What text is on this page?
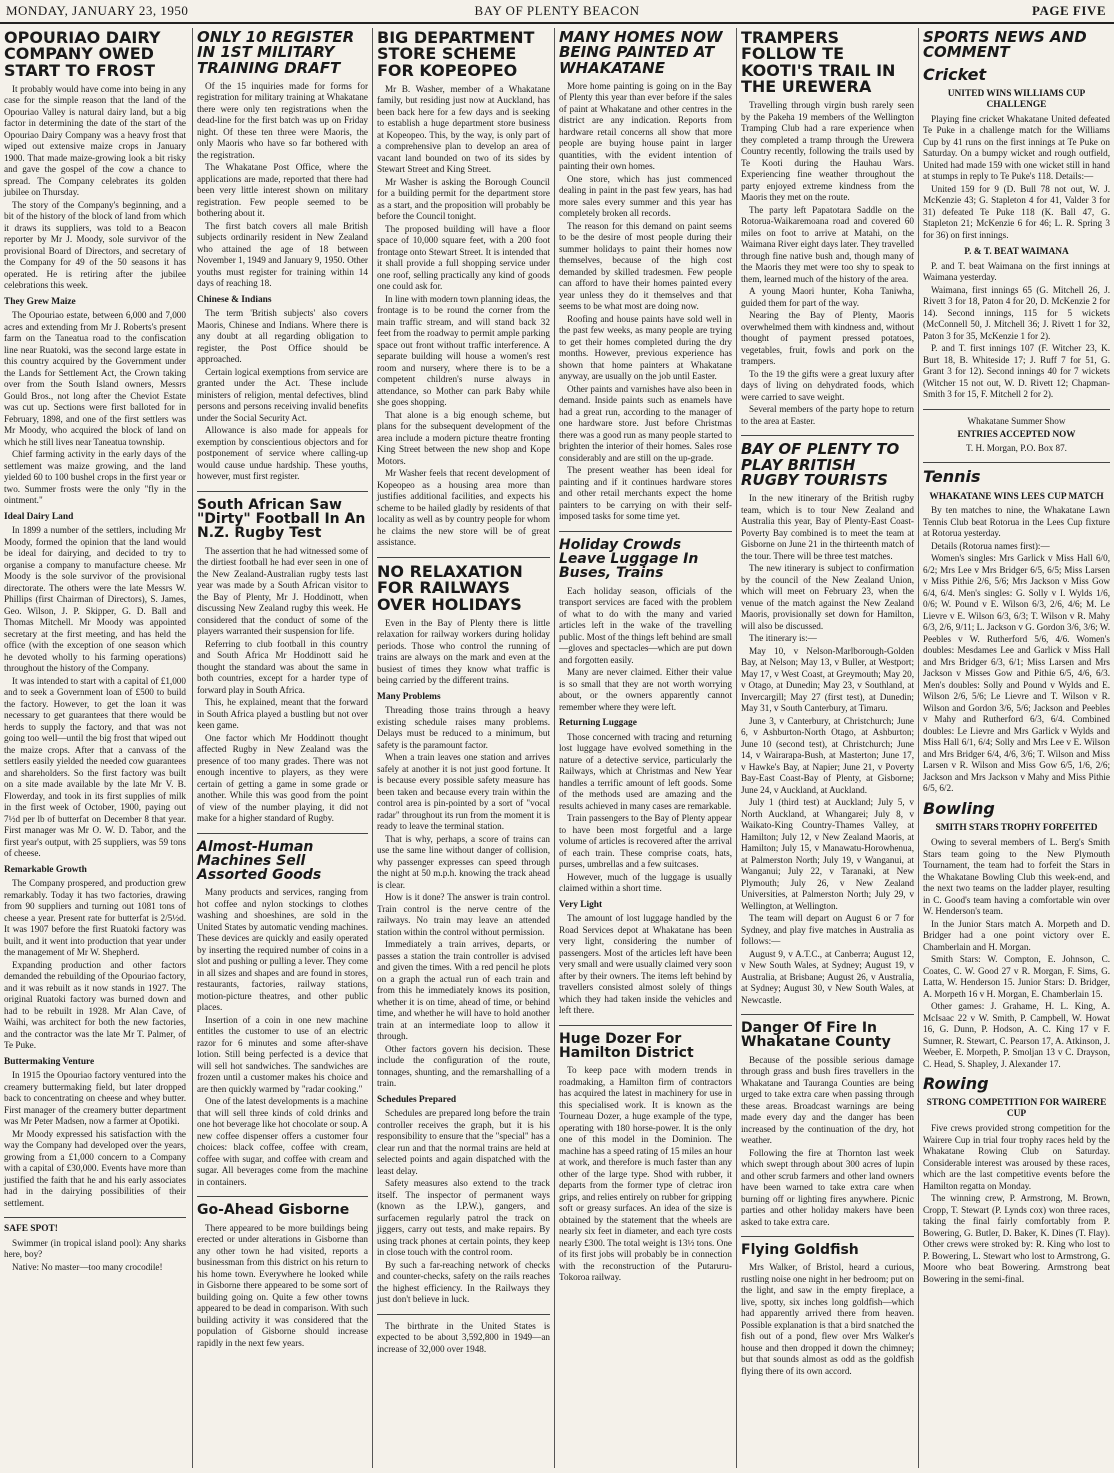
MONDAY, JANUARY 23, 1950	BAY OF PLENTY BEACON	PAGE FIVE
OPOURIAO DAIRY COMPANY OWED START TO FROST

It probably would have come into being in any case for the simple reason that the land of the Opouriao Valley is natural dairy land, but a big factor in determining the date of the start of the Opouriao Dairy Company was a heavy frost that wiped out extensive maize crops in January 1900. That made maize-growing look a bit risky and gave the gospel of the cow a chance to spread. The Company celebrates its golden jubilee on Thursday.

The story of the Company's beginning, and a bit of the history of the block of land from which it draws its suppliers, was told to a Beacon reporter by Mr J. Moody, sole survivor of the provisional Board of Directors, and secretary of the Company for 49 of the 50 seasons it has operated. He is retiring after the jubilee celebrations this week.

They Grew Maize

The Opouriao estate, between 6,000 and 7,000 acres and extending from Mr J. Roberts's present farm on the Taneatua road to the confiscation line near Ruatoki, was the second large estate in this country acquired by the Government under the Lands for Settlement Act, the Crown taking over from the South Island owners, Messrs Gould Bros., not long after the Cheviot Estate was cut up. Sections were first balloted for in February, 1898, and one of the first settlers was Mr Moody, who acquired the block of land on which he still lives near Taneatua township.

Chief farming activity in the early days of the settlement was maize growing, and the land yielded 60 to 100 bushel crops in the first year or two. Summer frosts were the only "fly in the ointment."

Ideal Dairy Land

In 1899 a number of the settlers, including Mr Moody, formed the opinion that the land would be ideal for dairying, and decided to try to organise a company to manufacture cheese. Mr Moody is the sole survivor of the provisional directorate. The others were the late Messrs W. Phillips (first Chairman of Directors), S. James, Geo. Wilson, J. P. Skipper, G. D. Ball and Thomas Mitchell. Mr Moody was appointed secretary at the first meeting, and has held the office (with the exception of one season which he devoted wholly to his farming operations) throughout the history of the Company.

It was intended to start with a capital of £1,000 and to seek a Government loan of £500 to build the factory. However, to get the loan it was necessary to get guarantees that there would be herds to supply the factory, and that was not going too well—until the big frost that wiped out the maize crops. After that a canvass of the settlers easily yielded the needed cow guarantees and shareholders. So the first factory was built on a site made available by the late Mr V. B. Flowerday, and took in its first supplies of milk in the first week of October, 1900, paying out 7½d per lb of butterfat on December 8 that year. First manager was Mr O. W. D. Tabor, and the first year's output, with 25 suppliers, was 59 tons of cheese.

Remarkable Growth

The Company prospered, and production grew remarkably. Today it has two factories, drawing from 90 suppliers and turning out 1081 tons of cheese a year. Present rate for butterfat is 2/5½d. It was 1907 before the first Ruatoki factory was built, and it went into production that year under the management of Mr W. Shepherd.

Expanding production and other factors demanded the rebuilding of the Opouriao factory, and it was rebuilt as it now stands in 1927. The original Ruatoki factory was burned down and had to be rebuilt in 1928. Mr Alan Cave, of Waihi, was architect for both the new factories, and the contractor was the late Mr T. Palmer, of Te Puke.

Buttermaking Venture

In 1915 the Opouriao factory ventured into the creamery buttermaking field, but later dropped back to concentrating on cheese and whey butter. First manager of the creamery butter department was Mr Peter Madsen, now a farmer at Opotiki.

Mr Moody expressed his satisfaction with the way the Company had developed over the years, growing from a £1,000 concern to a Company with a capital of £30,000. Events have more than justified the faith that he and his early associates had in the dairying possibilities of their settlement.

SAFE SPOT!

Swimmer (in tropical island pool): Any sharks here, boy?

Native: No master—too many crocodile!

ONLY 10 REGISTER IN 1ST MILITARY TRAINING DRAFT

Of the 15 inquiries made for forms for registration for military training at Whakatane there were only ten registrations when the dead-line for the first batch was up on Friday night. Of these ten three were Maoris, the only Maoris who have so far bothered with the registration.

The Whakatane Post Office, where the applications are made, reported that there had been very little interest shown on military registration. Few people seemed to be bothering about it.

The first batch covers all male British subjects ordinarily resident in New Zealand who attained the age of 18 between November 1, 1949 and January 9, 1950. Other youths must register for training within 14 days of reaching 18.

Chinese & Indians

The term 'British subjects' also covers Maoris, Chinese and Indians. Where there is any doubt at all regarding obligation to register, the Post Office should be approached.

Certain logical exemptions from service are granted under the Act. These include ministers of religion, mental defectives, blind persons and persons receiving invalid benefits under the Social Security Act.

Allowance is also made for appeals for exemption by conscientious objectors and for postponement of service where calling-up would cause undue hardship. These youths, however, must first register.

South African Saw "Dirty" Football In An N.Z. Rugby Test

The assertion that he had witnessed some of the dirtiest football he had ever seen in one of the New Zealand-Australian rugby tests last year was made by a South African visitor to the Bay of Plenty, Mr J. Hoddinott, when discussing New Zealand rugby this week. He considered that the conduct of some of the players warranted their suspension for life.

Referring to club football in this country and South Africa Mr Hoddinott said he thought the standard was about the same in both countries, except for a harder type of forward play in South Africa.

This, he explained, meant that the forward in South Africa played a bustling but not over keen game.

One factor which Mr Hoddinott thought affected Rugby in New Zealand was the presence of too many grades. There was not enough incentive to players, as they were certain of getting a game in some grade or another. While this was good from the point of view of the number playing, it did not make for a higher standard of Rugby.

Almost-Human Machines Sell Assorted Goods

Many products and services, ranging from hot coffee and nylon stockings to clothes washing and shoeshines, are sold in the United States by automatic vending machines. These devices are quickly and easily operated by inserting the required number of coins in a slot and pushing or pulling a lever. They come in all sizes and shapes and are found in stores, restaurants, factories, railway stations, motion-picture theatres, and other public places.

Insertion of a coin in one new machine entitles the customer to use of an electric razor for 6 minutes and some after-shave lotion. Still being perfected is a device that will sell hot sandwiches. The sandwiches are frozen until a customer makes his choice and are then quickly warmed by "radar cooking."

One of the latest developments is a machine that will sell three kinds of cold drinks and one hot beverage like hot chocolate or soup. A new coffee dispenser offers a customer four choices: black coffee, coffee with cream, coffee with sugar, and coffee with cream and sugar. All beverages come from the machine in containers.

Go-Ahead Gisborne

There appeared to be more buildings being erected or under alterations in Gisborne than any other town he had visited, reports a businessman from this district on his return to his home town. Everywhere he looked while in Gisborne there appeared to be some sort of building going on. Quite a few other towns appeared to be dead in comparison. With such building activity it was considered that the population of Gisborne should increase rapidly in the next few years.

BIG DEPARTMENT STORE SCHEME FOR KOPEOPEO

Mr B. Washer, member of a Whakatane family, but residing just now at Auckland, has been back here for a few days and is seeking to establish a huge department store business at Kopeopeo. This, by the way, is only part of a comprehensive plan to develop an area of vacant land bounded on two of its sides by Stewart Street and King Street.

Mr Washer is asking the Borough Council for a building permit for the department store as a start, and the proposition will probably be before the Council tonight.

The proposed building will have a floor space of 10,000 square feet, with a 200 foot frontage onto Stewart Street. It is intended that it shall provide a full shopping service under one roof, selling practically any kind of goods one could ask for.

In line with modern town planning ideas, the frontage is to be round the corner from the main traffic stream, and will stand back 32 feet from the roadway to permit ample parking space out front without traffic interference. A separate building will house a women's rest room and nursery, where there is to be a competent children's nurse always in attendance, so Mother can park Baby while she goes shopping.

That alone is a big enough scheme, but plans for the subsequent development of the area include a modern picture theatre fronting King Street between the new shop and Kope Motors.

Mr Washer feels that recent development of Kopeopeo as a housing area more than justifies additional facilities, and expects his scheme to be hailed gladly by residents of that locality as well as by country people for whom he claims the new store will be of great assistance.

NO RELAXATION FOR RAILWAYS OVER HOLIDAYS

Even in the Bay of Plenty there is little relaxation for railway workers during holiday periods. Those who control the running of trains are always on the mark and even at the busiest of times they know what traffic is being carried by the different trains.

Many Problems

Threading those trains through a heavy existing schedule raises many problems. Delays must be reduced to a minimum, but safety is the paramount factor.

When a train leaves one station and arrives safely at another it is not just good fortune. It is because every possible safety measure has been taken and because every train within the control area is pin-pointed by a sort of "vocal radar" throughout its run from the moment it is ready to leave the terminal station.

That is why, perhaps, a score of trains can use the same line without danger of collision, why passenger expresses can speed through the night at 50 m.p.h. knowing the track ahead is clear.

How is it done? The answer is train control. Train control is the nerve centre of the railways. No train may leave an attended station within the control without permission.

Immediately a train arrives, departs, or passes a station the train controller is advised and given the times. With a red pencil he plots on a graph the actual run of each train and from this he immediately knows its position, whether it is on time, ahead of time, or behind time, and whether he will have to hold another train at an intermediate loop to allow it through.

Other factors govern his decision. These include the configuration of the route, tonnages, shunting, and the remarshalling of a train.

Schedules Prepared

Schedules are prepared long before the train controller receives the graph, but it is his responsibility to ensure that the "special" has a clear run and that the normal trains are held at selected points and again dispatched with the least delay.

Safety measures also extend to the track itself. The inspector of permanent ways (known as the I.P.W.), gangers, and surfacemen regularly patrol the track on jiggers, carry out tests, and make repairs. By using track phones at certain points, they keep in close touch with the control room.

By such a far-reaching network of checks and counter-checks, safety on the rails reaches the highest efficiency. In the Railways they just don't believe in luck.

The birthrate in the United States is expected to be about 3,592,800 in 1949—an increase of 32,000 over 1948.

MANY HOMES NOW BEING PAINTED AT WHAKATANE

More home painting is going on in the Bay of Plenty this year than ever before if the sales of paint at Whakatane and other centres in the district are any indication. Reports from hardware retail concerns all show that more people are buying house paint in larger quantities, with the evident intention of painting their own homes.

One store, which has just commenced dealing in paint in the past few years, has had more sales every summer and this year has completely broken all records.

The reason for this demand on paint seems to be the desire of most people during their summer holidays to paint their homes now themselves, because of the high cost demanded by skilled tradesmen. Few people can afford to have their homes painted every year unless they do it themselves and that seems to be what most are doing now.

Roofing and house paints have sold well in the past few weeks, as many people are trying to get their homes completed during the dry months. However, previous experience has shown that home painters at Whakatane anyway, are usually on the job until Easter.

Other paints and varnishes have also been in demand. Inside paints such as enamels have had a great run, according to the manager of one hardware store. Just before Christmas there was a good run as many people started to brighten the interior of their homes. Sales rose considerably and are still on the up-grade.

The present weather has been ideal for painting and if it continues hardware stores and other retail merchants expect the home painters to be carrying on with their self-imposed tasks for some time yet.

Holiday Crowds Leave Luggage In Buses, Trains

Each holiday season, officials of the transport services are faced with the problem of what to do with the many and varied articles left in the wake of the travelling public. Most of the things left behind are small—gloves and spectacles—which are put down and forgotten easily.

Many are never claimed. Either their value is so small that they are not worth worrying about, or the owners apparently cannot remember where they were left.

Returning Luggage

Those concerned with tracing and returning lost luggage have evolved something in the nature of a detective service, particularly the Railways, which at Christmas and New Year handles a terrific amount of left goods. Some of the methods used are amazing and the results achieved in many cases are remarkable.

Train passengers to the Bay of Plenty appear to have been most forgetful and a large volume of articles is recovered after the arrival of each train. These comprise coats, hats, purses, umbrellas and a few suitcases.

However, much of the luggage is usually claimed within a short time.

Very Light

The amount of lost luggage handled by the Road Services depot at Whakatane has been very light, considering the number of passengers. Most of the articles left have been very small and were usually claimed very soon after by their owners. The items left behind by travellers consisted almost solely of things which they had taken inside the vehicles and left there.

Huge Dozer For Hamilton District

To keep pace with modern trends in roadmaking, a Hamilton firm of contractors has acquired the latest in machinery for use in this specialised work. It is known as the Tourneau Dozer, a huge example of the type, operating with 180 horse-power. It is the only one of this model in the Dominion. The machine has a speed rating of 15 miles an hour at work, and therefore is much faster than any other of the large type. Shod with rubber, it departs from the former type of cletrac iron grips, and relies entirely on rubber for gripping soft or greasy surfaces. An idea of the size is obtained by the statement that the wheels are nearly six feet in diameter, and each tyre costs nearly £300. The total weight is 13½ tons. One of its first jobs will probably be in connection with the reconstruction of the Putaruru-Tokoroa railway.

TRAMPERS FOLLOW TE KOOTI'S TRAIL IN THE UREWERA

Travelling through virgin bush rarely seen by the Pakeha 19 members of the Wellington Tramping Club had a rare experience when they completed a tramp through the Urewera Country recently, following the trails used by Te Kooti during the Hauhau Wars. Experiencing fine weather throughout the party enjoyed extreme kindness from the Maoris they met on the route.

The party left Papatotara Saddle on the Rotorua-Waikaremoana road and covered 60 miles on foot to arrive at Matahi, on the Waimana River eight days later. They travelled through fine native bush and, though many of the Maoris they met were too shy to speak to them, learned much of the history of the area.

A young Maori hunter, Koha Taniwha, guided them for part of the way.

Nearing the Bay of Plenty, Maoris overwhelmed them with kindness and, without thought of payment pressed potatoes, vegetables, fruit, fowls and pork on the trampers.

To the 19 the gifts were a great luxury after days of living on dehydrated foods, which were carried to save weight.

Several members of the party hope to return to the area at Easter.

BAY OF PLENTY TO PLAY BRITISH RUGBY TOURISTS

In the new itinerary of the British rugby team, which is to tour New Zealand and Australia this year, Bay of Plenty-East Coast-Poverty Bay combined is to meet the team at Gisborne on June 21 in the thirteenth match of the tour. There will be three test matches.

The new itinerary is subject to confirmation by the council of the New Zealand Union, which will meet on February 23, when the venue of the match against the New Zealand Maoris, provisionally set down for Hamilton, will also be discussed.

The itinerary is:—

May 10, v Nelson-Marlborough-Golden Bay, at Nelson; May 13, v Buller, at Westport; May 17, v West Coast, at Greymouth; May 20, v Otago, at Dunedin; May 23, v Southland, at Invercargill; May 27 (first test), at Dunedin; May 31, v South Canterbury, at Timaru.

June 3, v Canterbury, at Christchurch; June 6, v Ashburton-North Otago, at Ashburton; June 10 (second test), at Christchurch; June 14, v Wairarapa-Bush, at Masterton; June 17, v Hawke's Bay, at Napier; June 21, v Poverty Bay-East Coast-Bay of Plenty, at Gisborne; June 24, v Auckland, at Auckland.

July 1 (third test) at Auckland; July 5, v North Auckland, at Whangarei; July 8, v Waikato-King Country-Thames Valley, at Hamilton; July 12, v New Zealand Maoris, at Hamilton; July 15, v Manawatu-Horowhenua, at Palmerston North; July 19, v Wanganui, at Wanganui; July 22, v Taranaki, at New Plymouth; July 26, v New Zealand Universities, at Palmerston North; July 29, v Wellington, at Wellington.

The team will depart on August 6 or 7 for Sydney, and play five matches in Australia as follows:—

August 9, v A.T.C., at Canberra; August 12, v New South Wales, at Sydney; August 19, v Australia, at Brisbane; August 26, v Australia, at Sydney; August 30, v New South Wales, at Newcastle.

Danger Of Fire In Whakatane County

Because of the possible serious damage through grass and bush fires travellers in the Whakatane and Tauranga Counties are being urged to take extra care when passing through these areas. Broadcast warnings are being made every day and the danger has been increased by the continuation of the dry, hot weather.

Following the fire at Thornton last week which swept through about 300 acres of lupin and other scrub farmers and other land owners have been warned to take extra care when burning off or lighting fires anywhere. Picnic parties and other holiday makers have been asked to take extra care.

Flying Goldfish

Mrs Walker, of Bristol, heard a curious, rustling noise one night in her bedroom; put on the light, and saw in the empty fireplace, a live, spotty, six inches long goldfish—which had apparently arrived there from heaven. Possible explanation is that a bird snatched the fish out of a pond, flew over Mrs Walker's house and then dropped it down the chimney; but that sounds almost as odd as the goldfish flying there of its own accord.

SPORTS NEWS AND COMMENT
Cricket
UNITED WINS WILLIAMS CUP CHALLENGE

Playing fine cricket Whakatane United defeated Te Puke in a challenge match for the Williams Cup by 41 runs on the first innings at Te Puke on Saturday. On a bumpy wicket and rough outfield, United had made 159 with one wicket still in hand at stumps in reply to Te Puke's 118. Details:—

United 159 for 9 (D. Bull 78 not out, W. J. McKenzie 43; G. Stapleton 4 for 41, Valder 3 for 31) defeated Te Puke 118 (K. Ball 47, G. Stapleton 21; McKenzie 6 for 46; L. R. Spring 3 for 36) on first innings.

P. & T. BEAT WAIMANA

P. and T. beat Waimana on the first innings at Waimana yesterday.

Waimana, first innings 65 (G. Mitchell 26, J. Rivett 3 for 18, Paton 4 for 20, D. McKenzie 2 for 14). Second innings, 115 for 5 wickets (McConnell 50, J. Mitchell 36; J. Rivett 1 for 32, Paton 3 for 35, McKenzie 1 for 2).

P. and T. first innings 107 (F. Witcher 23, K. Burt 18, B. Whiteside 17; J. Ruff 7 for 51, G. Grant 3 for 12). Second innings 40 for 7 wickets (Witcher 15 not out, W. D. Rivett 12; Chapman-Smith 3 for 15, F. Mitchell 2 for 2).

Whakatane Summer Show
ENTRIES ACCEPTED NOW
T. H. Morgan, P.O. Box 87.
Tennis
WHAKATANE WINS LEES CUP MATCH

By ten matches to nine, the Whakatane Lawn Tennis Club beat Rotorua in the Lees Cup fixture at Rotorua yesterday.

Details (Rotorua names first):—

Women's singles: Mrs Garlick v Miss Hall 6/0, 6/2; Mrs Lee v Mrs Bridger 6/5, 6/5; Miss Larsen v Miss Pithie 2/6, 5/6; Mrs Jackson v Miss Gow 6/4, 6/4. Men's singles: G. Solly v I. Wylds 1/6, 0/6; W. Pound v E. Wilson 6/3, 2/6, 4/6; M. Le Lievre v E. Wilson 6/3, 6/3; T. Wilson v R. Mahy 6/3, 2/6, 9/11; L. Jackson v G. Gordon 3/6, 3/6; W. Peebles v W. Rutherford 5/6, 4/6. Women's doubles: Mesdames Lee and Garlick v Miss Hall and Mrs Bridger 6/3, 6/1; Miss Larsen and Mrs Jackson v Misses Gow and Pithie 6/5, 4/6, 6/3. Men's doubles: Solly and Pound v Wylds and E. Wilson 2/6, 5/6; Le Lievre and T. Wilson v R. Wilson and Gordon 3/6, 5/6; Jackson and Peebles v Mahy and Rutherford 6/3, 6/4. Combined doubles: Le Lievre and Mrs Garlick v Wylds and Miss Hall 6/1, 6/4; Solly and Mrs Lee v E. Wilson and Mrs Bridger 6/4, 4/6, 3/6; T. Wilson and Miss Larsen v R. Wilson and Miss Gow 6/5, 1/6, 2/6; Jackson and Mrs Jackson v Mahy and Miss Pithie 6/5, 6/2.

Bowling
SMITH STARS TROPHY FORFEITED

Owing to several members of L. Berg's Smith Stars team going to the New Plymouth Tournament, the team had to forfeit the Stars in the Whakatane Bowling Club this week-end, and the next two teams on the ladder player, resulting in C. Good's team having a comfortable win over W. Henderson's team.

In the Junior Stars match A. Morpeth and D. Bridger had a one point victory over E. Chamberlain and H. Morgan.

Smith Stars: W. Compton, E. Johnson, C. Coates, C. W. Good 27 v R. Morgan, F. Sims, G. Latta, W. Henderson 15. Junior Stars: D. Bridger, A. Morpeth 16 v H. Morgan, E. Chamberlain 15.

Other games: J. Grahame, H. L. King, A. McIsaac 22 v W. Smith, P. Campbell, W. Howat 16, G. Dunn, P. Hodson, A. C. King 17 v F. Sumner, R. Stewart, C. Pearson 17, A. Atkinson, J. Weeber, E. Morpeth, P. Smoljan 13 v C. Drayson, C. Head, S. Shapley, J. Alexander 17.

Rowing
STRONG COMPETITION FOR WAIRERE CUP

Five crews provided strong competition for the Wairere Cup in trial four trophy races held by the Whakatane Rowing Club on Saturday. Considerable interest was aroused by these races, which are the last competitive events before the Hamilton regatta on Monday.

The winning crew, P. Armstrong, M. Brown, Cropp, T. Stewart (P. Lynds cox) won three races, taking the final fairly comfortably from P. Bowering, G. Butler, D. Baker, K. Dines (T. Flay). Other crews were stroked by: R. King who lost to P. Bowering, L. Stewart who lost to Armstrong, G. Moore who beat Bowering. Armstrong beat Bowering in the semi-final.
